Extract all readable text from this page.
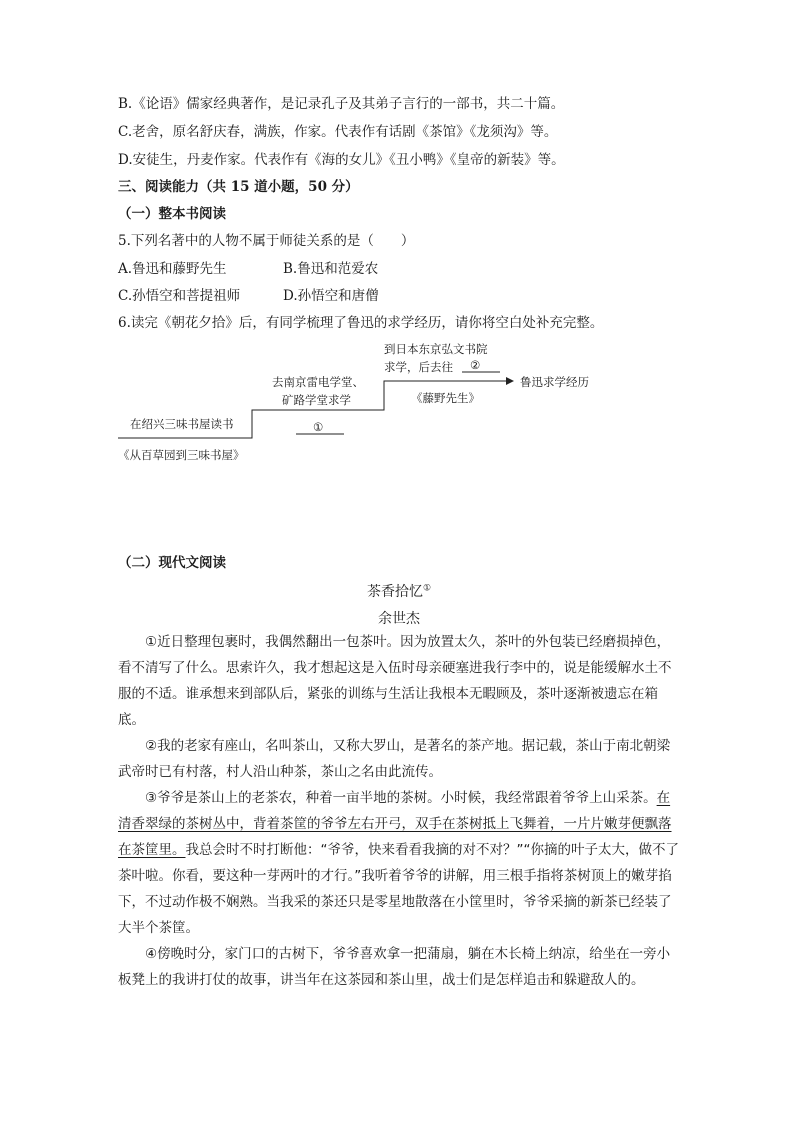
B.《论语》儒家经典著作，是记录孔子及其弟子言行的一部书，共二十篇。
C.老舍，原名舒庆春，满族，作家。代表作有话剧《茶馆》《龙须沟》等。
D.安徒生，丹麦作家。代表作有《海的女儿》《丑小鸭》《皇帝的新装》等。
三、阅读能力（共 15 道小题，50 分）
（一）整本书阅读
5.下列名著中的人物不属于师徒关系的是（　　）
A.鲁迅和藤野先生	B.鲁迅和范爱农
C.孙悟空和菩提祖师	D.孙悟空和唐僧
6.读完《朝花夕拾》后，有同学梳理了鲁迅的求学经历，请你将空白处补充完整。
在绍兴三味书屋读书
《从百草园到三味书屋》
去南京雷电学堂、
矿路学堂求学
①
到日本东京弘文书院
求学，后去往 ②
《藤野先生》
鲁迅求学经历
（二）现代文阅读
茶香拾忆①
余世杰

①近日整理包裹时，我偶然翻出一包茶叶。因为放置太久，茶叶的外包装已经磨损掉色，看不清写了什么。思索许久，我才想起这是入伍时母亲硬塞进我行李中的，说是能缓解水土不服的不适。谁承想来到部队后，紧张的训练与生活让我根本无暇顾及，茶叶逐渐被遗忘在箱底。

②我的老家有座山，名叫茶山，又称大罗山，是著名的茶产地。据记载，茶山于南北朝梁武帝时已有村落，村人沿山种茶，茶山之名由此流传。

③爷爷是茶山上的老茶农，种着一亩半地的茶树。小时候，我经常跟着爷爷上山采茶。在清香翠绿的茶树丛中，背着茶筐的爷爷左右开弓，双手在茶树抵上飞舞着，一片片嫩芽便飘落在茶筐里。我总会时不时打断他：“爷爷，快来看看我摘的对不对？”“你摘的叶子太大，做不了茶叶啦。你看，要这种一芽两叶的才行。”我听着爷爷的讲解，用三根手指将茶树顶上的嫩芽掐下，不过动作极不娴熟。当我采的茶还只是零星地散落在小筐里时，爷爷采摘的新茶已经装了大半个茶筐。

④傍晚时分，家门口的古树下，爷爷喜欢拿一把蒲扇，躺在木长椅上纳凉，给坐在一旁小板凳上的我讲打仗的故事，讲当年在这茶园和茶山里，战士们是怎样追击和躲避敌人的。
